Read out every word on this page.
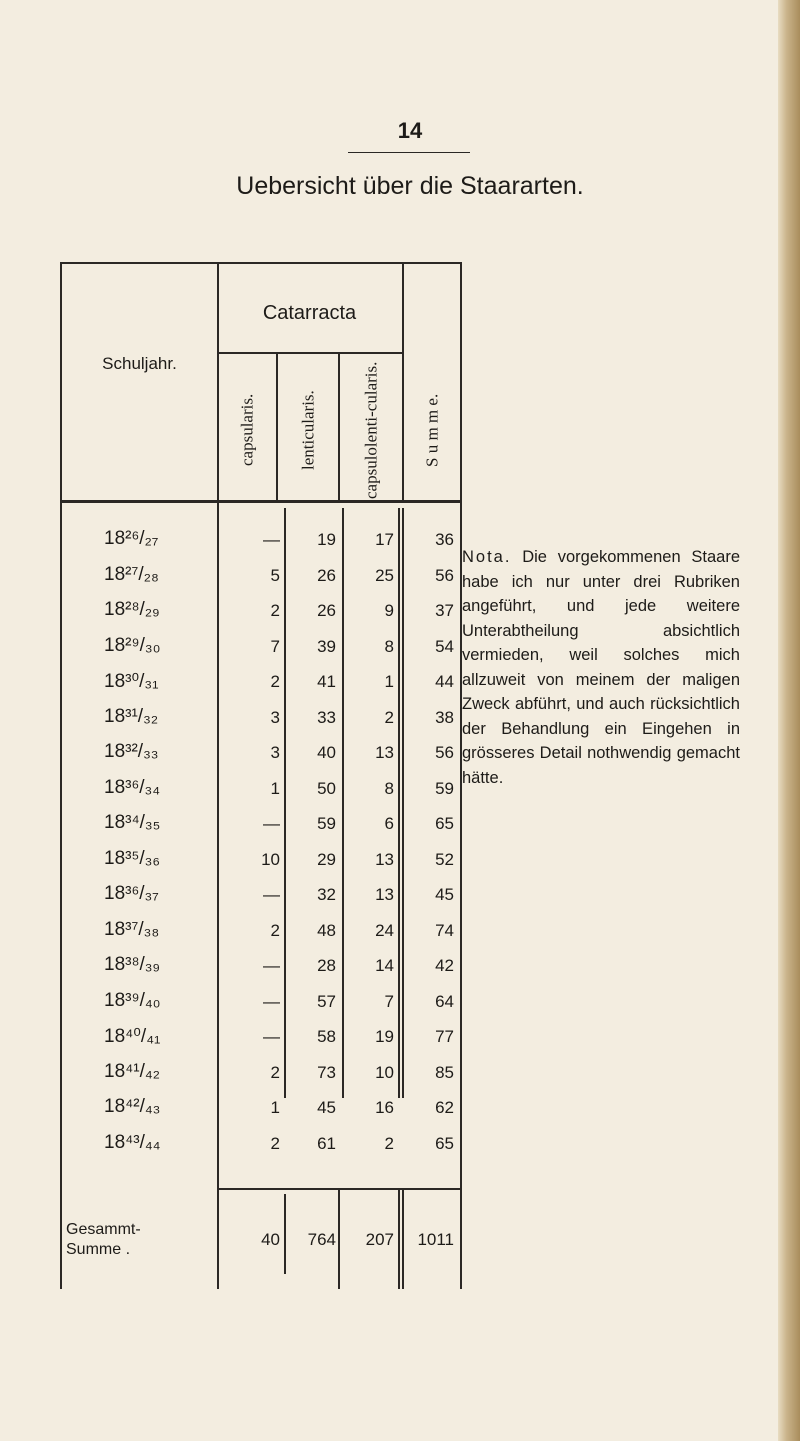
14
Uebersicht über die Staararten.
Schuljahr.
Catarracta
capsularis.	lenticularis.	capsulolenti-cularis.	S u m m e.
18²⁶/₂₇	—	19	17	36
18²⁷/₂₈	5	26	25	56
18²⁸/₂₉	2	26	9	37
18²⁹/₃₀	7	39	8	54
18³⁰/₃₁	2	41	1	44
18³¹/₃₂	3	33	2	38
18³²/₃₃	3	40	13	56
18³⁶/₃₄	1	50	8	59
18³⁴/₃₅	—	59	6	65
18³⁵/₃₆	10	29	13	52
18³⁶/₃₇	—	32	13	45
18³⁷/₃₈	2	48	24	74
18³⁸/₃₉	—	28	14	42
18³⁹/₄₀	—	57	7	64
18⁴⁰/₄₁	—	58	19	77
18⁴¹/₄₂	2	73	10	85
18⁴²/₄₃	1	45	16	62
18⁴³/₄₄	2	61	2	65
Gesammt-
Summe .
40	764	207	1011
Nota. Die vorgekommenen Staare habe ich nur unter drei Rubriken angeführt, und jede weitere Unterabtheilung absichtlich vermieden, weil solches mich allzuweit von meinem der maligen Zweck abführt, und auch rücksichtlich der Behandlung ein Eingehen in grösseres Detail nothwendig gemacht hätte.
